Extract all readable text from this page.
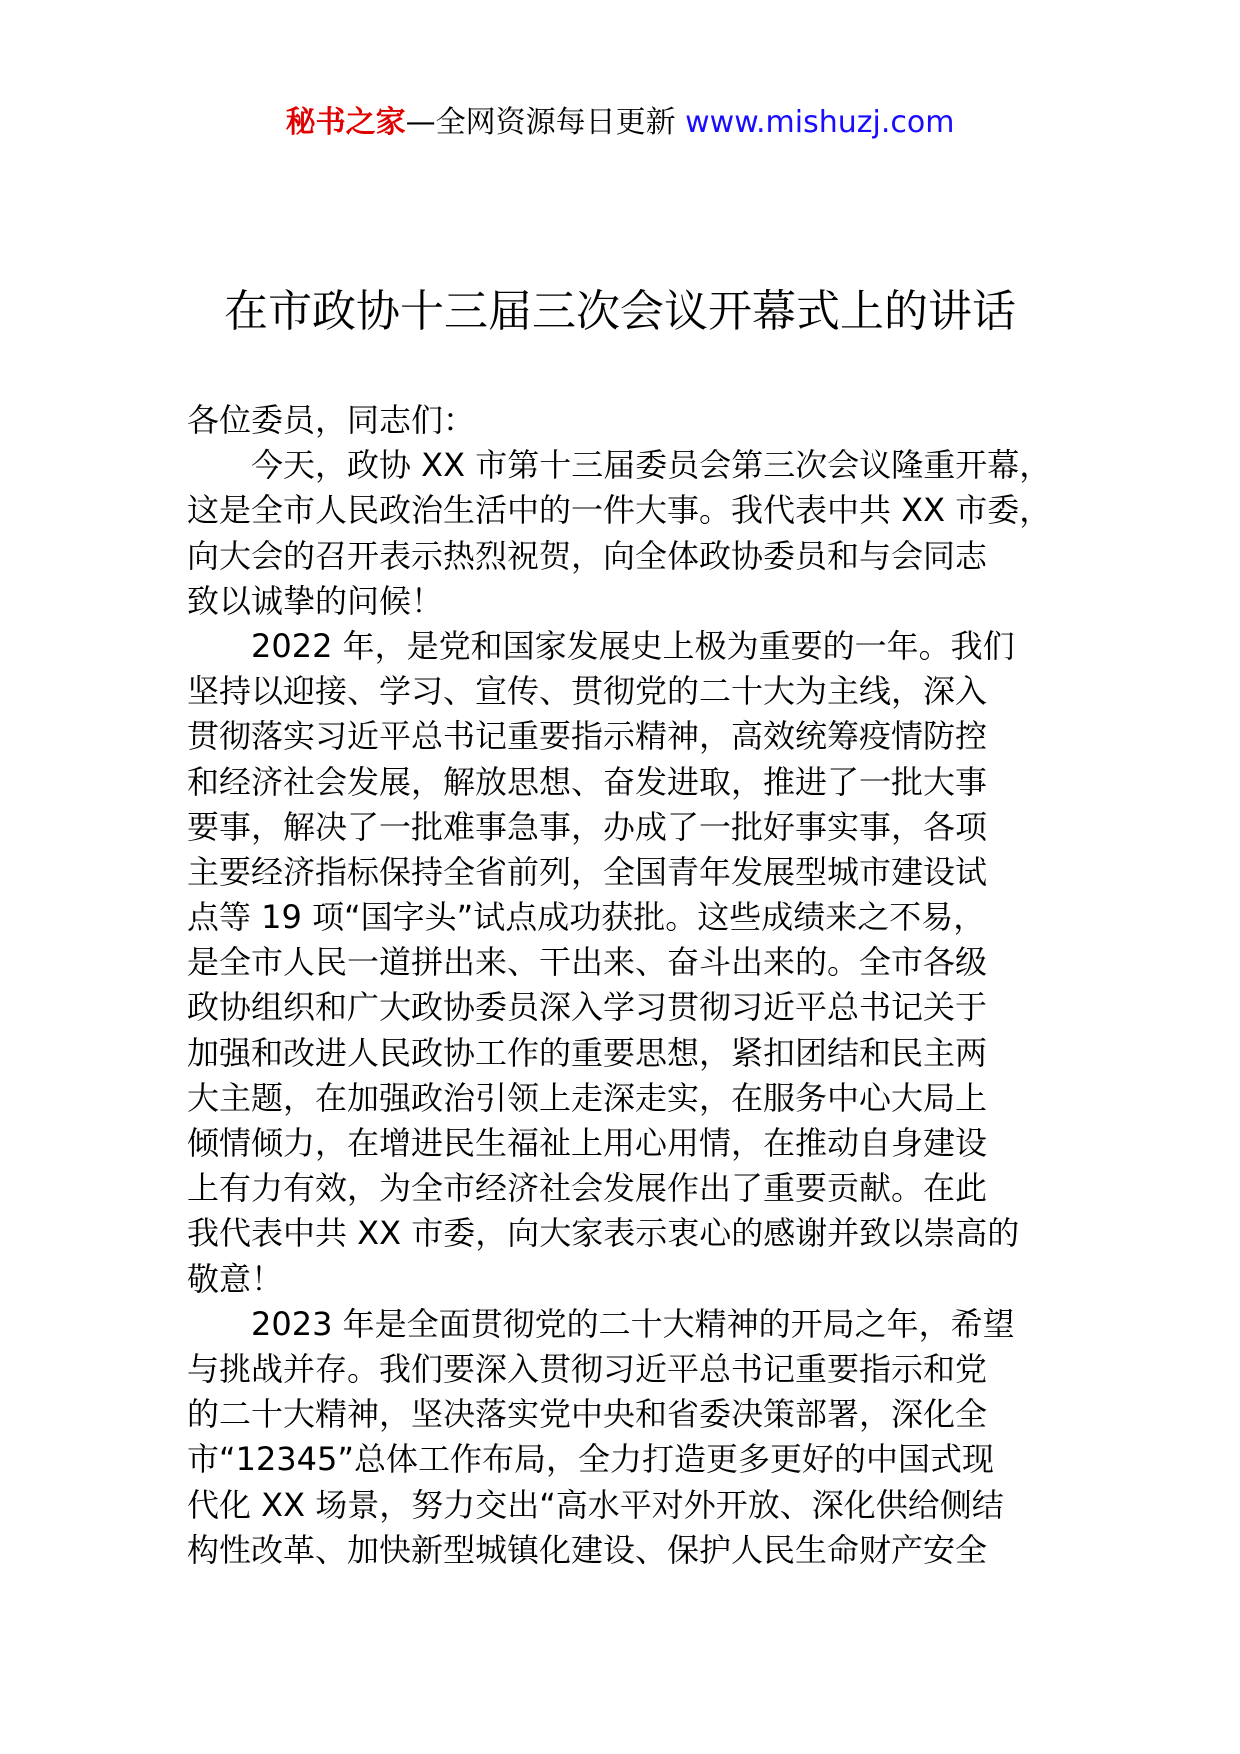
秘书之家—全网资源每日更新 www.mishuzj.com
在市政协十三届三次会议开幕式上的讲话
各位委员，同志们：
　　今天，政协 XX 市第十三届委员会第三次会议隆重开幕，
这是全市人民政治生活中的一件大事。我代表中共 XX 市委，
向大会的召开表示热烈祝贺，向全体政协委员和与会同志
致以诚挚的问候！
　　2022 年，是党和国家发展史上极为重要的一年。我们
坚持以迎接、学习、宣传、贯彻党的二十大为主线，深入
贯彻落实习近平总书记重要指示精神，高效统筹疫情防控
和经济社会发展，解放思想、奋发进取，推进了一批大事
要事，解决了一批难事急事，办成了一批好事实事，各项
主要经济指标保持全省前列，全国青年发展型城市建设试
点等 19 项“国字头”试点成功获批。这些成绩来之不易，
是全市人民一道拼出来、干出来、奋斗出来的。全市各级
政协组织和广大政协委员深入学习贯彻习近平总书记关于
加强和改进人民政协工作的重要思想，紧扣团结和民主两
大主题，在加强政治引领上走深走实，在服务中心大局上
倾情倾力，在增进民生福祉上用心用情，在推动自身建设
上有力有效，为全市经济社会发展作出了重要贡献。在此
我代表中共 XX 市委，向大家表示衷心的感谢并致以崇高的
敬意！
　　2023 年是全面贯彻党的二十大精神的开局之年，希望
与挑战并存。我们要深入贯彻习近平总书记重要指示和党
的二十大精神，坚决落实党中央和省委决策部署，深化全
市“12345”总体工作布局，全力打造更多更好的中国式现
代化 XX 场景，努力交出“高水平对外开放、深化供给侧结
构性改革、加快新型城镇化建设、保护人民生命财产安全
